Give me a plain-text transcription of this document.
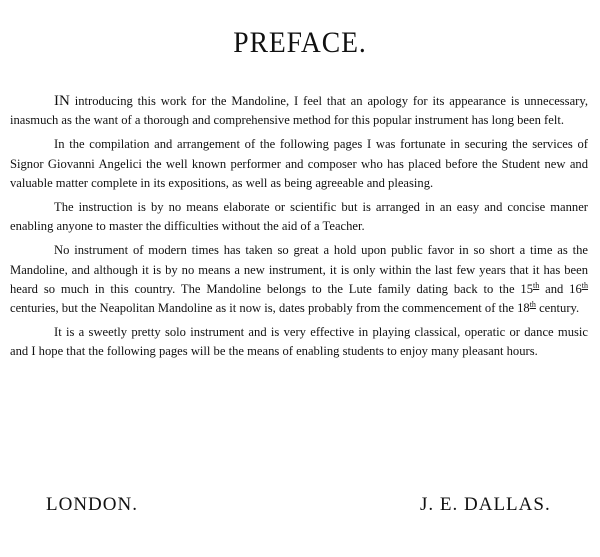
PREFACE.

IN introducing this work for the Mandoline, I feel that an apology for its appearance is unnecessary, inasmuch as the want of a thorough and comprehensive method for this popular instrument has long been felt.

In the compilation and arrangement of the following pages I was fortunate in securing the services of Signor Giovanni Angelici the well known performer and composer who has placed before the Student new and valuable matter complete in its expositions, as well as being agreeable and pleasing.

The instruction is by no means elaborate or scientific but is arranged in an easy and concise manner enabling anyone to master the difficulties without the aid of a Teacher.

No instrument of modern times has taken so great a hold upon public favor in so short a time as the Mandoline, and although it is by no means a new instrument, it is only within the last few years that it has been heard so much in this country. The Mandoline belongs to the Lute family dating back to the 15th and 16th centuries, but the Neapolitan Mandoline as it now is, dates probably from the commencement of the 18th century.

It is a sweetly pretty solo instrument and is very effective in playing classical, operatic or dance music and I hope that the following pages will be the means of enabling students to enjoy many pleasant hours.

LONDON.	J. E. DALLAS.
